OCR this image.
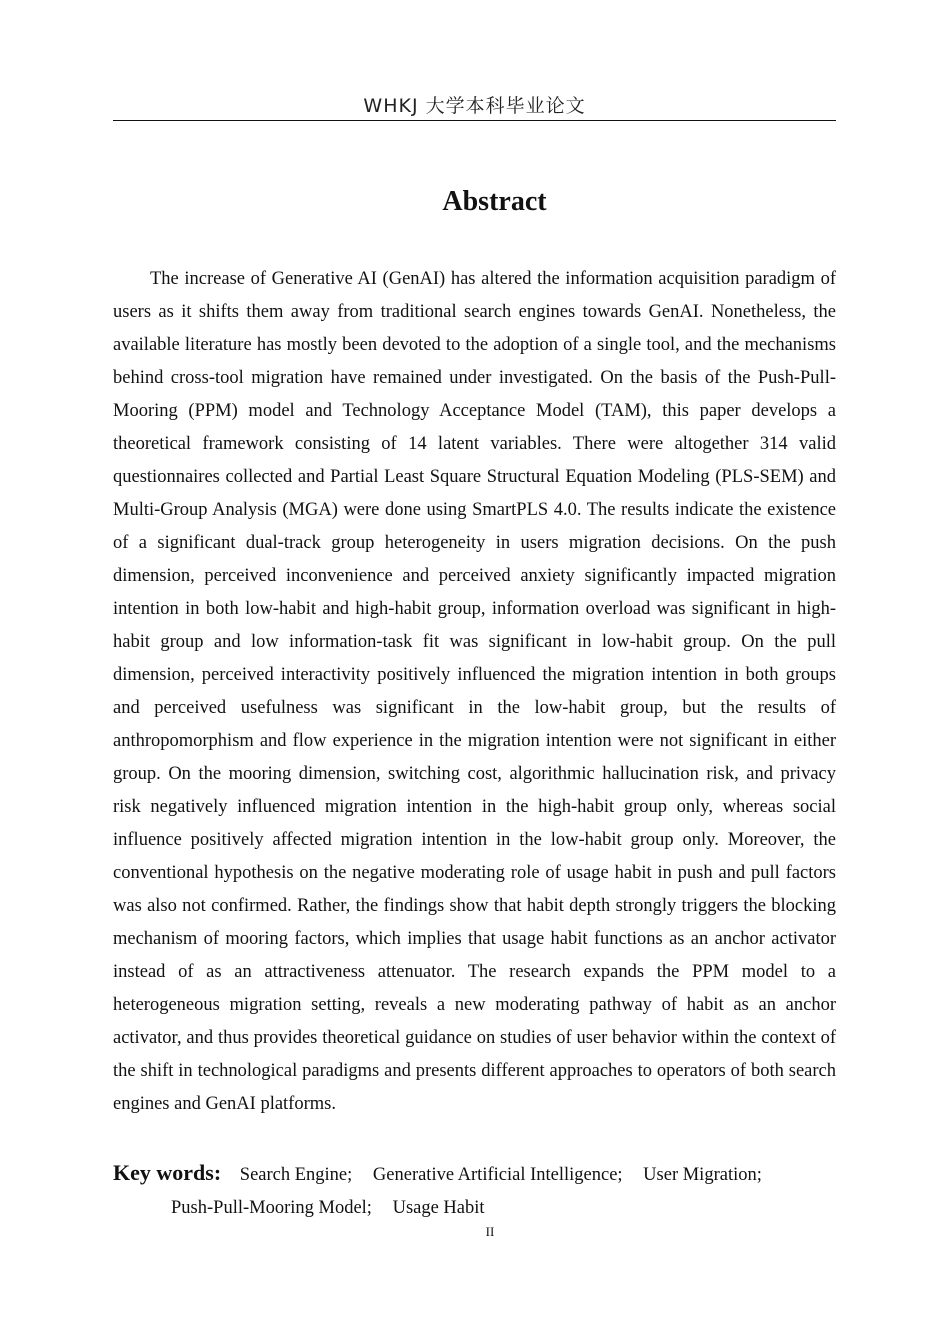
WHKJ 大学本科毕业论文
Abstract

The increase of Generative AI (GenAI) has altered the information acquisition paradigm of users as it shifts them away from traditional search engines towards GenAI. Nonetheless, the available literature has mostly been devoted to the adoption of a single tool, and the mechanisms behind cross-tool migration have remained under investigated. On the basis of the Push-Pull-Mooring (PPM) model and Technology Acceptance Model (TAM), this paper develops a theoretical framework consisting of 14 latent variables. There were altogether 314 valid questionnaires collected and Partial Least Square Structural Equation Modeling (PLS-SEM) and Multi-Group Analysis (MGA) were done using SmartPLS 4.0. The results indicate the existence of a significant dual-track group heterogeneity in users migration decisions. On the push dimension, perceived inconvenience and perceived anxiety significantly impacted migration intention in both low-habit and high-habit group, information overload was significant in high-habit group and low information-task fit was significant in low-habit group. On the pull dimension, perceived interactivity positively influenced the migration intention in both groups and perceived usefulness was significant in the low-habit group, but the results of anthropomorphism and flow experience in the migration intention were not significant in either group. On the mooring dimension, switching cost, algorithmic hallucination risk, and privacy risk negatively influenced migration intention in the high-habit group only, whereas social influence positively affected migration intention in the low-habit group only. Moreover, the conventional hypothesis on the negative moderating role of usage habit in push and pull factors was also not confirmed. Rather, the findings show that habit depth strongly triggers the blocking mechanism of mooring factors, which implies that usage habit functions as an anchor activator instead of as an attractiveness attenuator. The research expands the PPM model to a heterogeneous migration setting, reveals a new moderating pathway of habit as an anchor activator, and thus provides theoretical guidance on studies of user behavior within the context of the shift in technological paradigms and presents different approaches to operators of both search engines and GenAI platforms.

Key words: Search Engine; Generative Artificial Intelligence; User Migration;
Push-Pull-Mooring Model; Usage Habit
II
